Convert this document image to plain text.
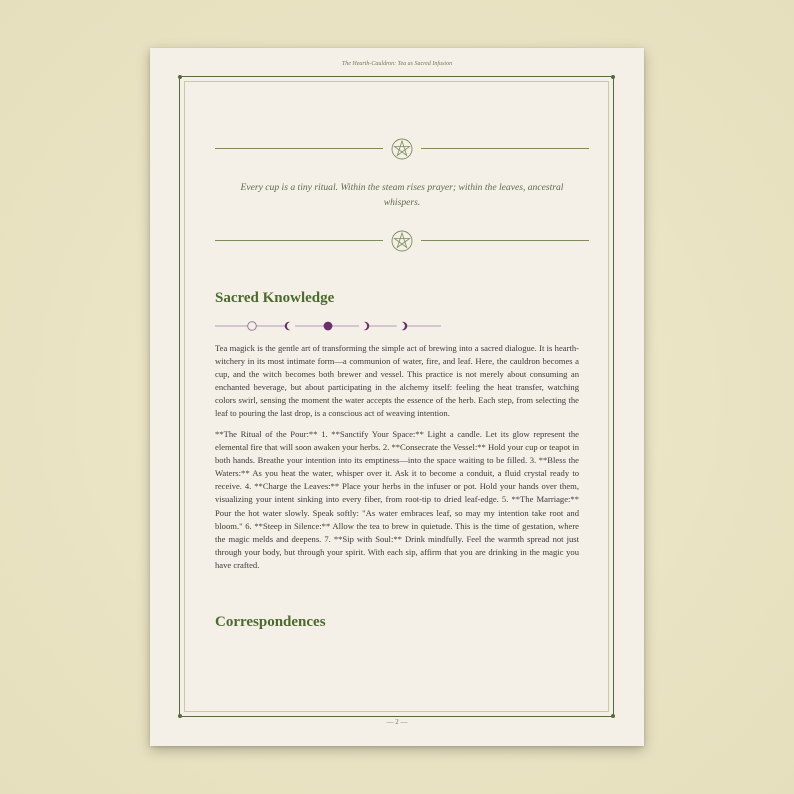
The Hearth-Cauldron: Tea as Sacred Infusion
Every cup is a tiny ritual. Within the steam rises prayer; within the leaves, ancestral whispers.
Sacred Knowledge

Tea magick is the gentle art of transforming the simple act of brewing into a sacred dialogue. It is hearth-witchery in its most intimate form—a communion of water, fire, and leaf. Here, the cauldron becomes a cup, and the witch becomes both brewer and vessel. This practice is not merely about consuming an enchanted beverage, but about participating in the alchemy itself: feeling the heat transfer, watching colors swirl, sensing the moment the water accepts the essence of the herb. Each step, from selecting the leaf to pouring the last drop, is a conscious act of weaving intention.

**The Ritual of the Pour:** 1. **Sanctify Your Space:** Light a candle. Let its glow represent the elemental fire that will soon awaken your herbs. 2. **Consecrate the Vessel:** Hold your cup or teapot in both hands. Breathe your intention into its emptiness—into the space waiting to be filled. 3. **Bless the Waters:** As you heat the water, whisper over it. Ask it to become a conduit, a fluid crystal ready to receive. 4. **Charge the Leaves:** Place your herbs in the infuser or pot. Hold your hands over them, visualizing your intent sinking into every fiber, from root-tip to dried leaf-edge. 5. **The Marriage:** Pour the hot water slowly. Speak softly: "As water embraces leaf, so may my intention take root and bloom." 6. **Steep in Silence:** Allow the tea to brew in quietude. This is the time of gestation, where the magic melds and deepens. 7. **Sip with Soul:** Drink mindfully. Feel the warmth spread not just through your body, but through your spirit. With each sip, affirm that you are drinking in the magic you have crafted.

Correspondences
— 2 —
